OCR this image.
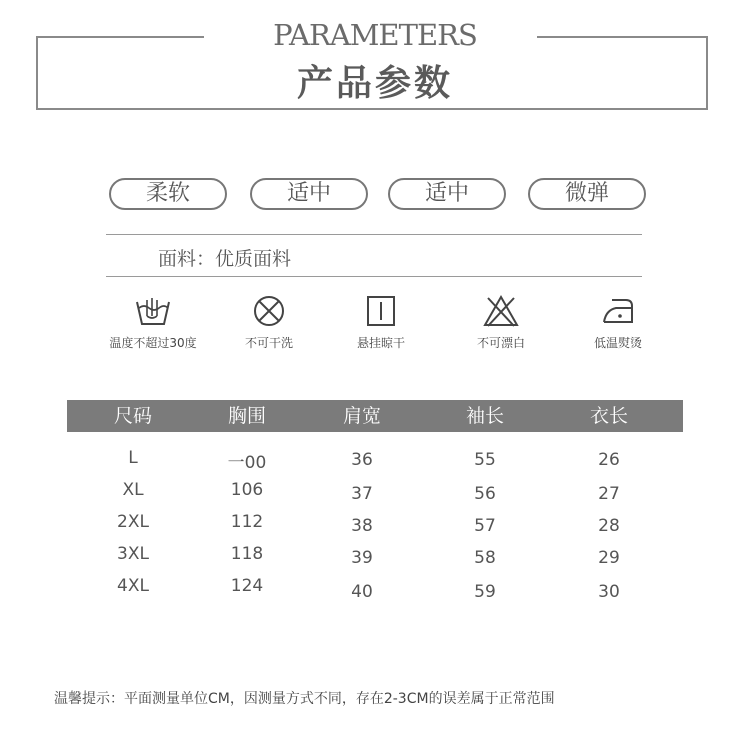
PARAMETERS
产品参数
柔软	适中	适中	微弹
面料：优质面料
温度不超过30度	不可干洗	悬挂晾干	不可漂白	低温熨烫
尺码	胸围	肩宽	袖长	衣长
L	一00	36	55	26
XL	106	37	56	27
2XL	112	38	57	28
3XL	118	39	58	29
4XL	124	40	59	30
温馨提示：平面测量单位CM，因测量方式不同，存在2-3CM的误差属于正常范围
